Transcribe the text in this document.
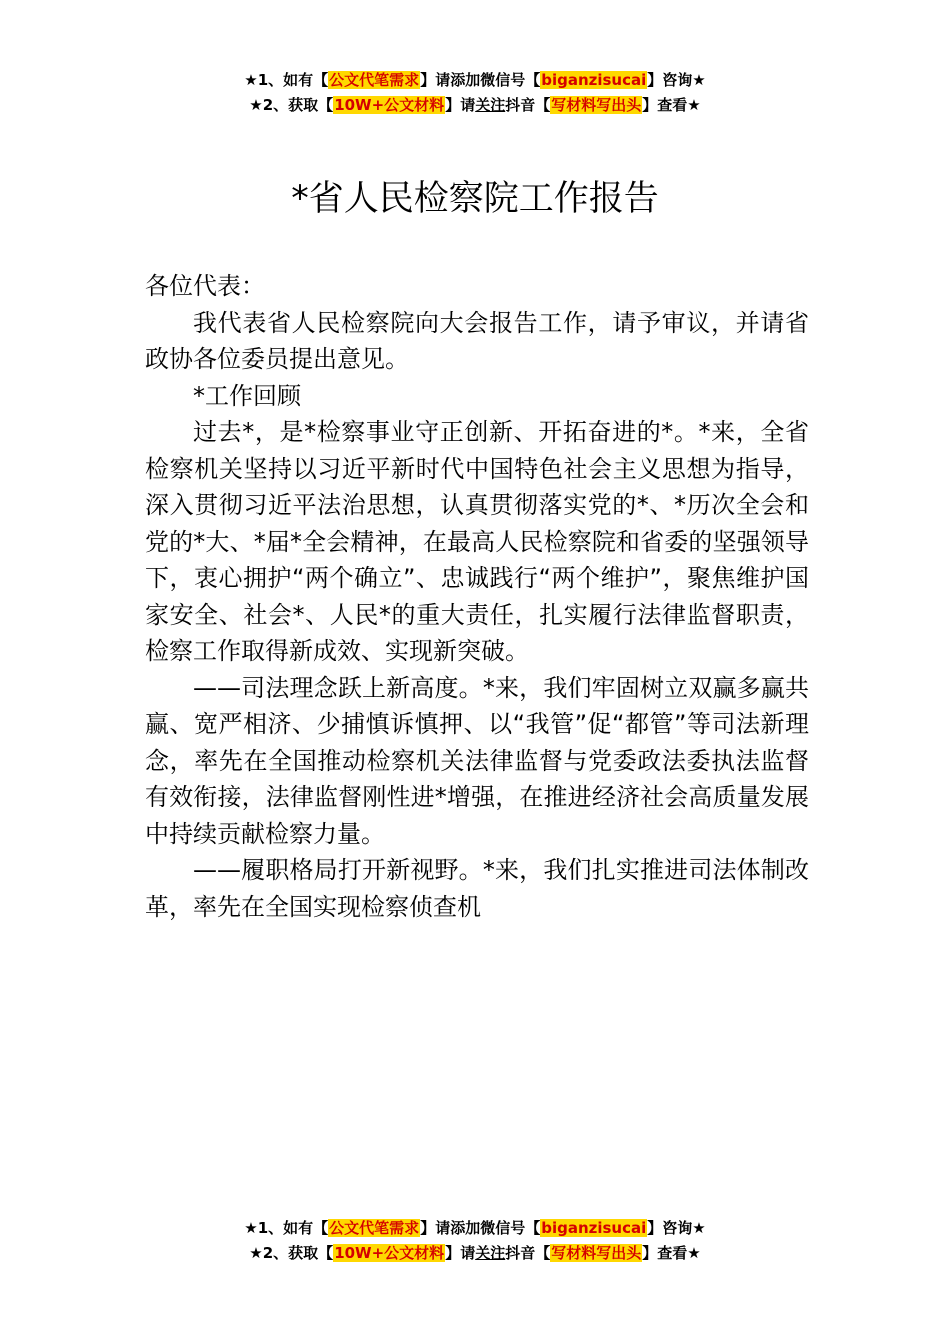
★1、如有【公文代笔需求】请添加微信号【biganzisucai】咨询★
★2、获取【10W+公文材料】请关注抖音【写材料写出头】查看★
*省人民检察院工作报告

各位代表：

我代表省人民检察院向大会报告工作，请予审议，并请省政协各位委员提出意见。

*工作回顾

过去*，是*检察事业守正创新、开拓奋进的*。*来，全省检察机关坚持以习近平新时代中国特色社会主义思想为指导，深入贯彻习近平法治思想，认真贯彻落实党的*、*历次全会和党的*大、*届*全会精神，在最高人民检察院和省委的坚强领导下，衷心拥护“两个确立”、忠诚践行“两个维护”，聚焦维护国家安全、社会*、人民*的重大责任，扎实履行法律监督职责，检察工作取得新成效、实现新突破。

——司法理念跃上新高度。*来，我们牢固树立双赢多赢共赢、宽严相济、少捕慎诉慎押、以“我管”促“都管”等司法新理念，率先在全国推动检察机关法律监督与党委政法委执法监督有效衔接，法律监督刚性进*增强，在推进经济社会高质量发展中持续贡献检察力量。

——履职格局打开新视野。*来，我们扎实推进司法体制改革，率先在全国实现检察侦查机

★1、如有【公文代笔需求】请添加微信号【biganzisucai】咨询★
★2、获取【10W+公文材料】请关注抖音【写材料写出头】查看★
